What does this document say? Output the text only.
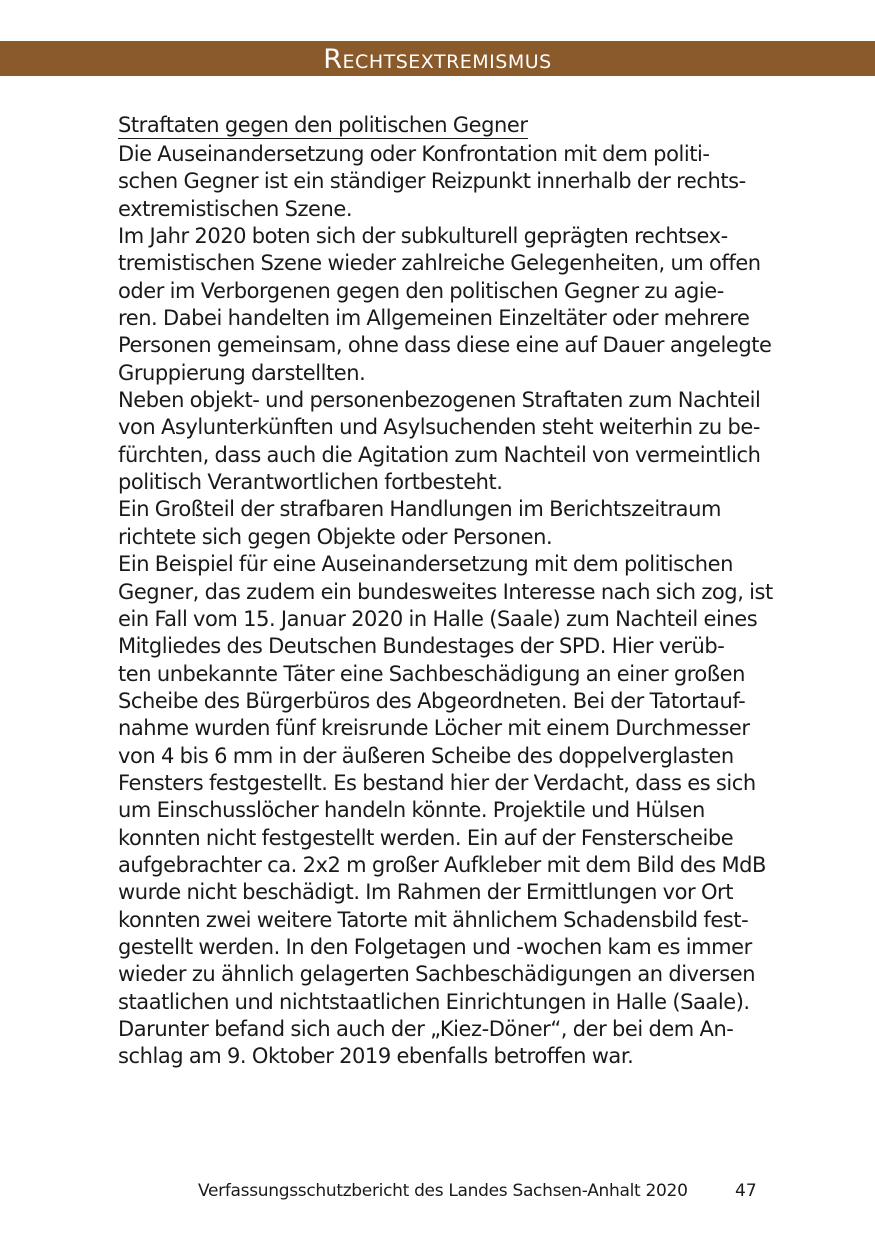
Rechtsextremismus
Straftaten gegen den politischen Gegner

Die Auseinandersetzung oder Konfrontation mit dem politi-
schen Gegner ist ein ständiger Reizpunkt innerhalb der rechts-
extremistischen Szene.

Im Jahr 2020 boten sich der subkulturell geprägten rechtsex-
tremistischen Szene wieder zahlreiche Gelegenheiten, um offen
oder im Verborgenen gegen den politischen Gegner zu agie-
ren. Dabei handelten im Allgemeinen Einzeltäter oder mehrere
Personen gemeinsam, ohne dass diese eine auf Dauer angelegte
Gruppierung darstellten.

Neben objekt- und personenbezogenen Straftaten zum Nachteil
von Asylunterkünften und Asylsuchenden steht weiterhin zu be-
fürchten, dass auch die Agitation zum Nachteil von vermeintlich
politisch Verantwortlichen fortbesteht.

Ein Großteil der strafbaren Handlungen im Berichtszeitraum
richtete sich gegen Objekte oder Personen.

Ein Beispiel für eine Auseinandersetzung mit dem politischen
Gegner, das zudem ein bundesweites Interesse nach sich zog, ist
ein Fall vom 15. Januar 2020 in Halle (Saale) zum Nachteil eines
Mitgliedes des Deutschen Bundestages der SPD. Hier verüb-
ten unbekannte Täter eine Sachbeschädigung an einer großen
Scheibe des Bürgerbüros des Abgeordneten. Bei der Tatortauf-
nahme wurden fünf kreisrunde Löcher mit einem Durchmesser
von 4 bis 6 mm in der äußeren Scheibe des doppelverglasten
Fensters festgestellt. Es bestand hier der Verdacht, dass es sich
um Einschusslöcher handeln könnte. Projektile und Hülsen
konnten nicht festgestellt werden. Ein auf der Fensterscheibe
aufgebrachter ca. 2x2 m großer Aufkleber mit dem Bild des MdB
wurde nicht beschädigt. Im Rahmen der Ermittlungen vor Ort
konnten zwei weitere Tatorte mit ähnlichem Schadensbild fest-
gestellt werden. In den Folgetagen und -wochen kam es immer
wieder zu ähnlich gelagerten Sachbeschädigungen an diversen
staatlichen und nichtstaatlichen Einrichtungen in Halle (Saale).
Darunter befand sich auch der „Kiez-Döner“, der bei dem An-
schlag am 9. Oktober 2019 ebenfalls betroffen war.

Verfassungsschutzbericht des Landes Sachsen-Anhalt 2020	47
